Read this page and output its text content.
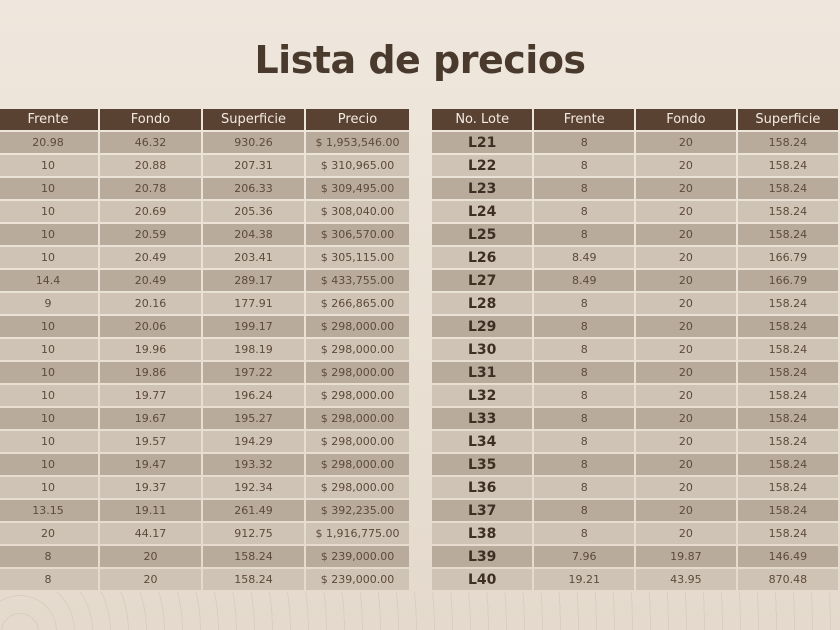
Lista de precios
Frente	Fondo	Superficie	Precio
20.98	46.32	930.26	$ 1,953,546.00
10	20.88	207.31	$ 310,965.00
10	20.78	206.33	$ 309,495.00
10	20.69	205.36	$ 308,040.00
10	20.59	204.38	$ 306,570.00
10	20.49	203.41	$ 305,115.00
14.4	20.49	289.17	$ 433,755.00
9	20.16	177.91	$ 266,865.00
10	20.06	199.17	$ 298,000.00
10	19.96	198.19	$ 298,000.00
10	19.86	197.22	$ 298,000.00
10	19.77	196.24	$ 298,000.00
10	19.67	195.27	$ 298,000.00
10	19.57	194.29	$ 298,000.00
10	19.47	193.32	$ 298,000.00
10	19.37	192.34	$ 298,000.00
13.15	19.11	261.49	$ 392,235.00
20	44.17	912.75	$ 1,916,775.00
8	20	158.24	$ 239,000.00
8	20	158.24	$ 239,000.00
No. Lote	Frente	Fondo	Superficie
L21	8	20	158.24
L22	8	20	158.24
L23	8	20	158.24
L24	8	20	158.24
L25	8	20	158.24
L26	8.49	20	166.79
L27	8.49	20	166.79
L28	8	20	158.24
L29	8	20	158.24
L30	8	20	158.24
L31	8	20	158.24
L32	8	20	158.24
L33	8	20	158.24
L34	8	20	158.24
L35	8	20	158.24
L36	8	20	158.24
L37	8	20	158.24
L38	8	20	158.24
L39	7.96	19.87	146.49
L40	19.21	43.95	870.48
